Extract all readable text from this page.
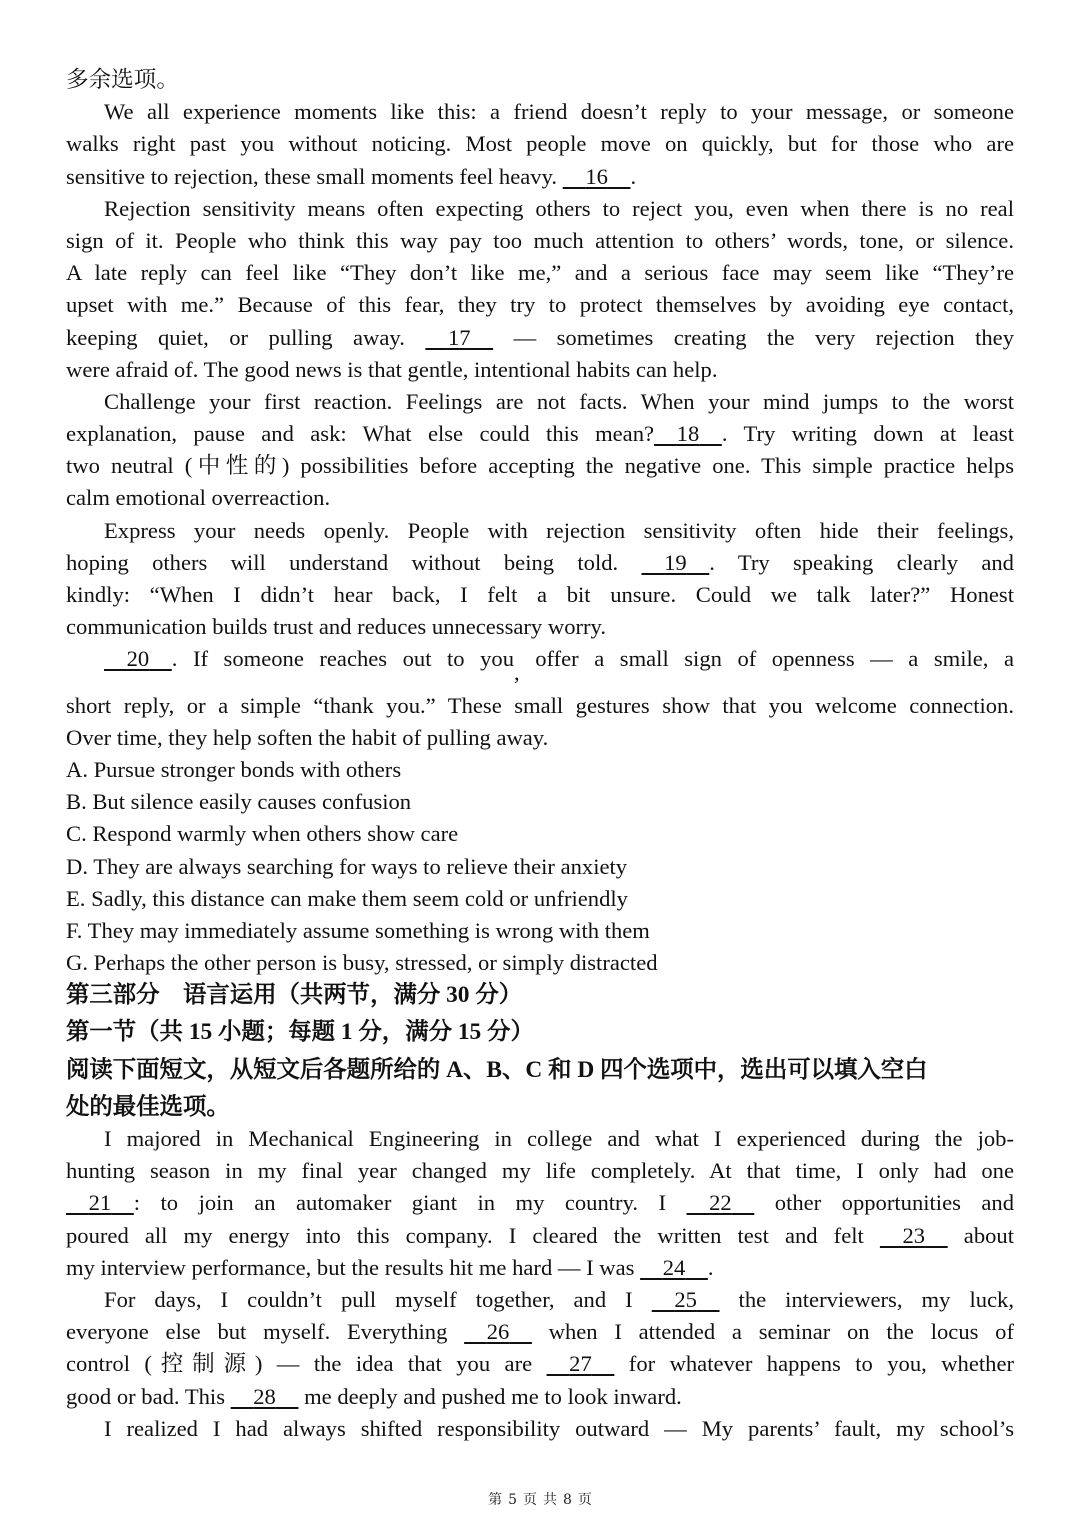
多余选项。
We all experience moments like this: a friend doesn’t reply to your message, or someone
walks right past you without noticing. Most people move on quickly, but for those who are
sensitive to rejection, these small moments feel heavy.     16 .
Rejection sensitivity means often expecting others to reject you, even when there is no real
sign of it. People who think this way pay too much attention to others’ words, tone, or silence.
A late reply can feel like “They don’t like me,” and a serious face may seem like “They’re
upset with me.” Because of this fear, they try to protect themselves by avoiding eye contact,
keeping quiet, or pulling away.     17     — sometimes creating the very rejection they
were afraid of. The good news is that gentle, intentional habits can help.
Challenge your first reaction. Feelings are not facts. When your mind jumps to the worst
explanation, pause and ask: What else could this mean? 18 . Try writing down at least
two neutral (中性的) possibilities before accepting the negative one. This simple practice helps
calm emotional overreaction.
Express your needs openly. People with rejection sensitivity often hide their feelings,
hoping others will understand without being told.     19 . Try speaking clearly and
kindly: “When I didn’t hear back, I felt a bit unsure. Could we talk later?” Honest
communication builds trust and reduces unnecessary worry.
20 . If someone reaches out to you, offer a small sign of openness — a smile, a
short reply, or a simple “thank you.” These small gestures show that you welcome connection.
Over time, they help soften the habit of pulling away.
A. Pursue stronger bonds with others
B. But silence easily causes confusion
C. Respond warmly when others show care
D. They are always searching for ways to relieve their anxiety
E. Sadly, this distance can make them seem cold or unfriendly
F. They may immediately assume something is wrong with them
G. Perhaps the other person is busy, stressed, or simply distracted
第三部分　语言运用（共两节，满分 30 分）
第一节（共 15 小题；每题 1 分，满分 15 分）
阅读下面短文，从短文后各题所给的 A、B、C 和 D 四个选项中，选出可以填入空白
处的最佳选项。
I majored in Mechanical Engineering in college and what I experienced during the job-
hunting season in my final year changed my life completely. At that time, I only had one
21 : to join an automaker giant in my country. I     22     other opportunities and
poured all my energy into this company. I cleared the written test and felt     23     about
my interview performance, but the results hit me hard — I was     24 .
For days, I couldn’t pull myself together, and I     25     the interviewers, my luck,
everyone else but myself. Everything     26     when I attended a seminar on the locus of
control (控制源) — the idea that you are     27     for whatever happens to you, whether
good or bad. This     28     me deeply and pushed me to look inward.
I realized I had always shifted responsibility outward — My parents’ fault, my school’s
第 5 页 共 8 页
